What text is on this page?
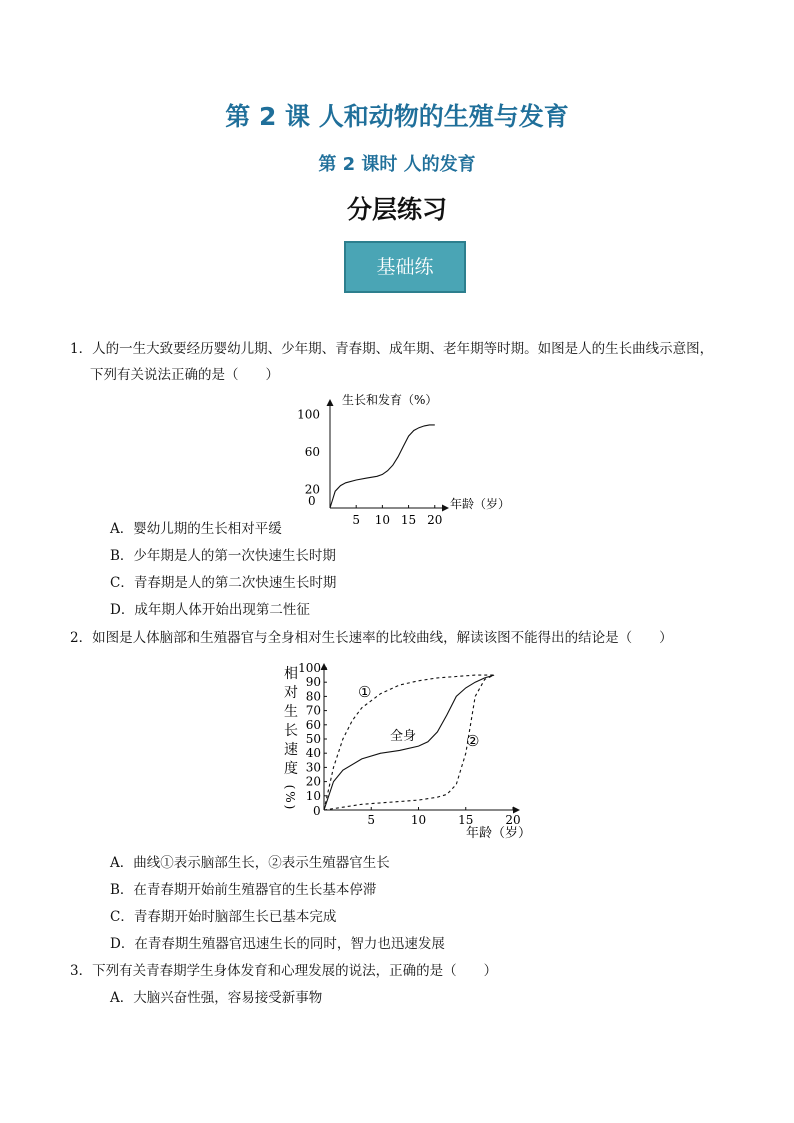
第 2 课 人和动物的生殖与发育
第 2 课时 人的发育
分层练习
基础练
1．人的一生大致要经历婴幼儿期、少年期、青春期、成年期、老年期等时期。如图是人的生长曲线示意图，
下列有关说法正确的是（　　）
生长和发育（%）
年龄（岁）
0
5 10 15 20
20
60
100
A．婴幼儿期的生长相对平缓
B．少年期是人的第一次快速生长时期
C．青春期是人的第二次快速生长时期
D．成年期人体开始出现第二性征
2．如图是人体脑部和生殖器官与全身相对生长速率的比较曲线，解读该图不能得出的结论是（　　）
相
对
生
长
速
度
(
%
)
年龄（岁）
0
5	10	15	20
10
20
30
40
50
60
70
80
90
100
①
全身	②
A．曲线①表示脑部生长，②表示生殖器官生长
B．在青春期开始前生殖器官的生长基本停滞
C．青春期开始时脑部生长已基本完成
D．在青春期生殖器官迅速生长的同时，智力也迅速发展
3．下列有关青春期学生身体发育和心理发展的说法，正确的是（　　）
A．大脑兴奋性强，容易接受新事物
